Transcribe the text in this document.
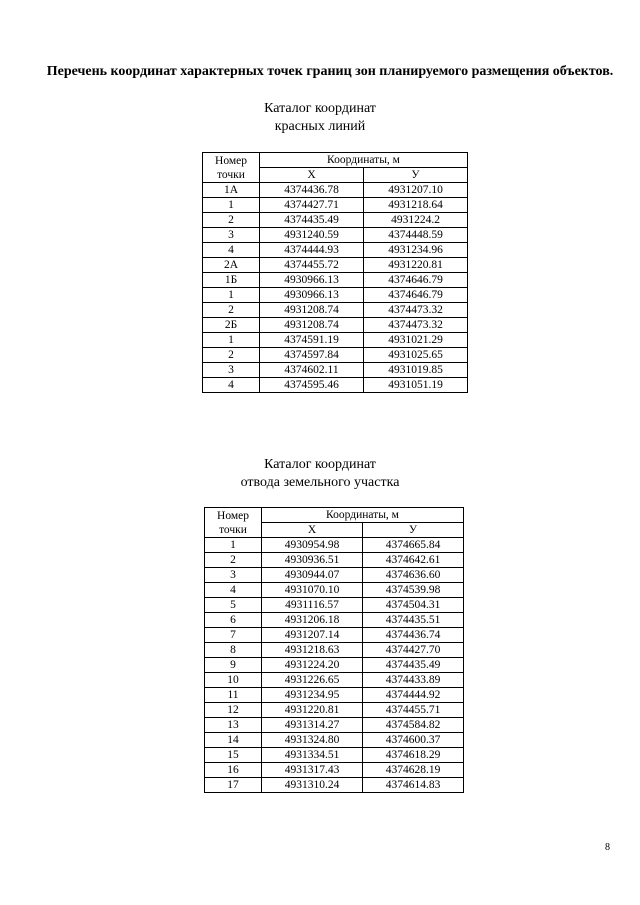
Перечень координат характерных точек границ зон планируемого размещения объектов.
Каталог координат
красных линий
Номер
точки	Координаты, м	
	X	У
1А	4374436.78	4931207.10
1	4374427.71	4931218.64
2	4374435.49	4931224.2
3	4931240.59	4374448.59
4	4374444.93	4931234.96
2А	4374455.72	4931220.81
1Б	4930966.13	4374646.79
1	4930966.13	4374646.79
2	4931208.74	4374473.32
2Б	4931208.74	4374473.32
1	4374591.19	4931021.29
2	4374597.84	4931025.65
3	4374602.11	4931019.85
4	4374595.46	4931051.19
Каталог координат
отвода земельного участка
Номер
точки	Координаты, м	
	X	У
1	4930954.98	4374665.84
2	4930936.51	4374642.61
3	4930944.07	4374636.60
4	4931070.10	4374539.98
5	4931116.57	4374504.31
6	4931206.18	4374435.51
7	4931207.14	4374436.74
8	4931218.63	4374427.70
9	4931224.20	4374435.49
10	4931226.65	4374433.89
11	4931234.95	4374444.92
12	4931220.81	4374455.71
13	4931314.27	4374584.82
14	4931324.80	4374600.37
15	4931334.51	4374618.29
16	4931317.43	4374628.19
17	4931310.24	4374614.83
8
